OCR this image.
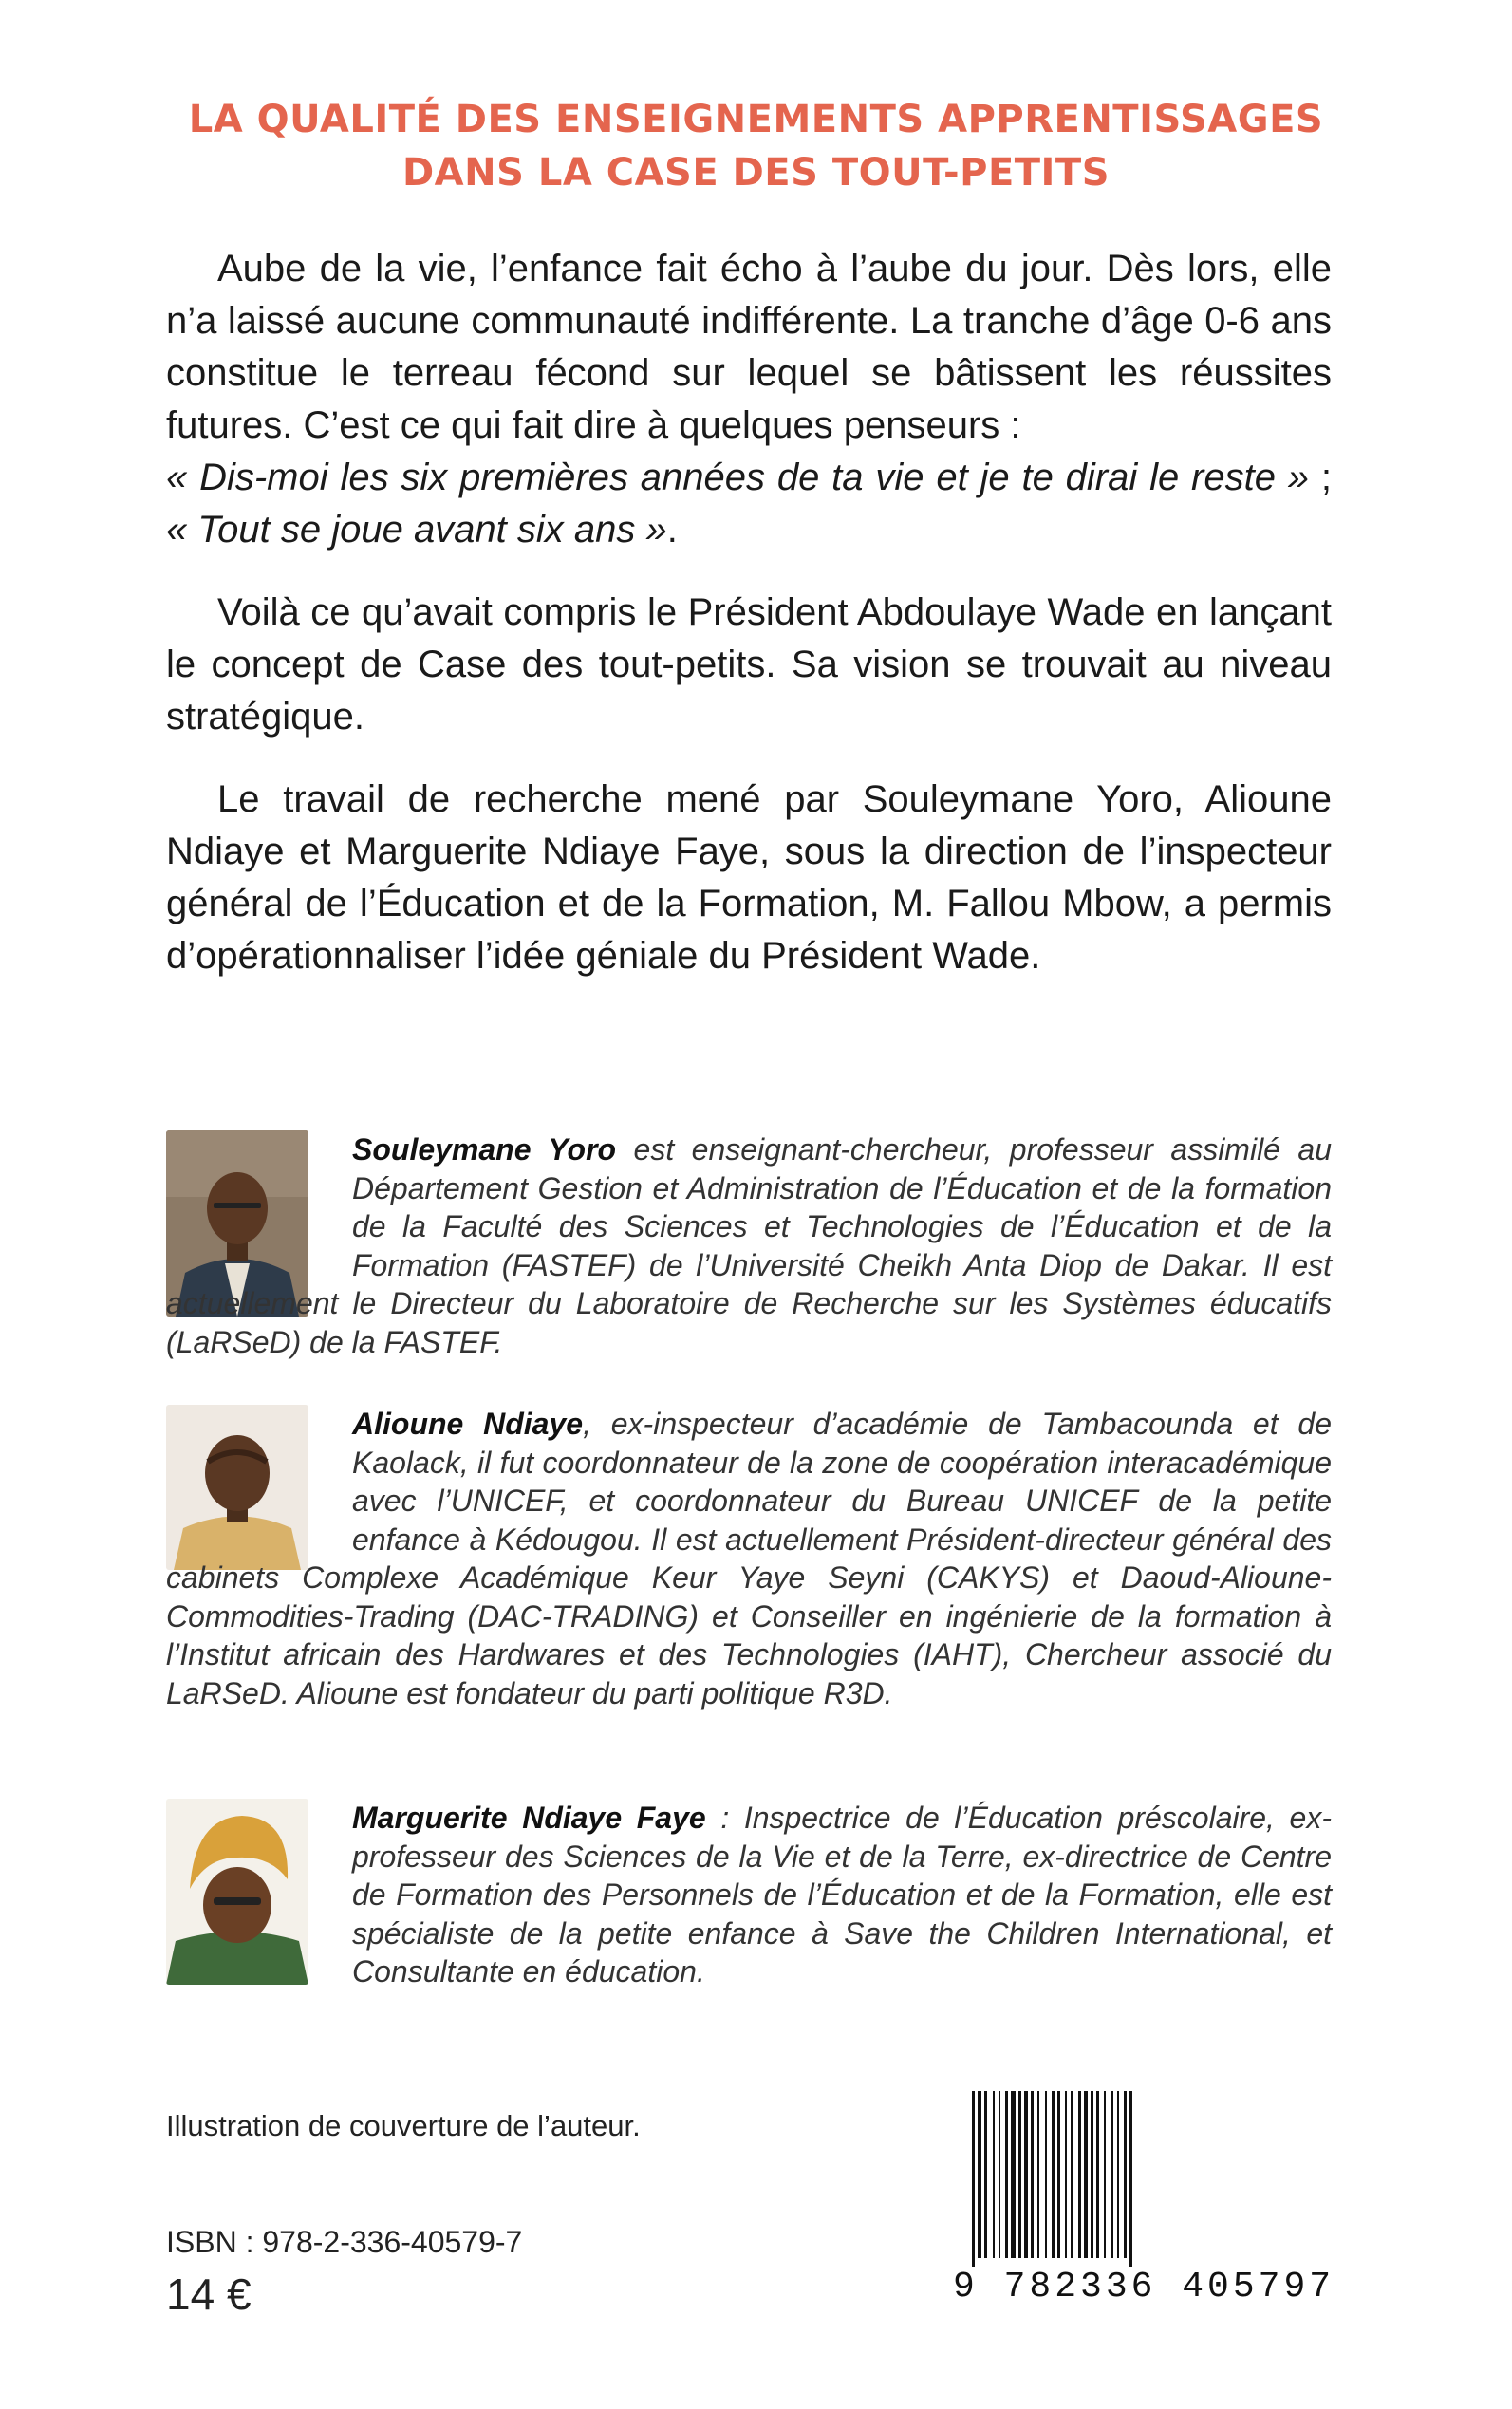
LA QUALITÉ DES ENSEIGNEMENTS APPRENTISSAGES
DANS LA CASE DES TOUT-PETITS

Aube de la vie, l’enfance fait écho à l’aube du jour. Dès lors, elle n’a laissé aucune communauté indifférente. La tranche d’âge 0-6 ans constitue le terreau fécond sur lequel se bâtissent les réussites futures. C’est ce qui fait dire à quelques penseurs :
« Dis-moi les six premières années de ta vie et je te dirai le reste » ; « Tout se joue avant six ans ».

Voilà ce qu’avait compris le Président Abdoulaye Wade en lançant le concept de Case des tout-petits. Sa vision se trouvait au niveau stratégique.

Le travail de recherche mené par Souleymane Yoro, Alioune Ndiaye et Marguerite Ndiaye Faye, sous la direction de l’inspecteur général de l’Éducation et de la Formation, M. Fallou Mbow, a permis d’opérationnaliser l’idée géniale du Président Wade.

Souleymane Yoro est enseignant-chercheur, professeur assimilé au Département Gestion et Administration de l’Éducation et de la formation de la Faculté des Sciences et Technologies de l’Éducation et de la Formation (FASTEF) de l’Université Cheikh Anta Diop de Dakar. Il est actuellement le Directeur du Laboratoire de Recherche sur les Systèmes éducatifs (LaRSeD) de la FASTEF.

Alioune Ndiaye, ex-inspecteur d’académie de Tambacounda et de Kaolack, il fut coordonnateur de la zone de coopération interacadémique avec l’UNICEF, et coordonnateur du Bureau UNICEF de la petite enfance à Kédougou. Il est actuellement Président-directeur général des cabinets Complexe Académique Keur Yaye Seyni (CAKYS) et Daoud-Alioune-Commodities-Trading (DAC-TRADING) et Conseiller en ingénierie de la formation à l’Institut africain des Hardwares et des Technologies (IAHT), Chercheur associé du LaRSeD. Alioune est fondateur du parti politique R3D.

Marguerite Ndiaye Faye : Inspectrice de l’Éducation préscolaire, ex-professeur des Sciences de la Vie et de la Terre, ex-directrice de Centre de Formation des Personnels de l’Éducation et de la Formation, elle est spécialiste de la petite enfance à Save the Children International, et Consultante en éducation.

Illustration de couverture de l’auteur.
ISBN : 978-2-336-40579-7
14 €	9 782336 405797
